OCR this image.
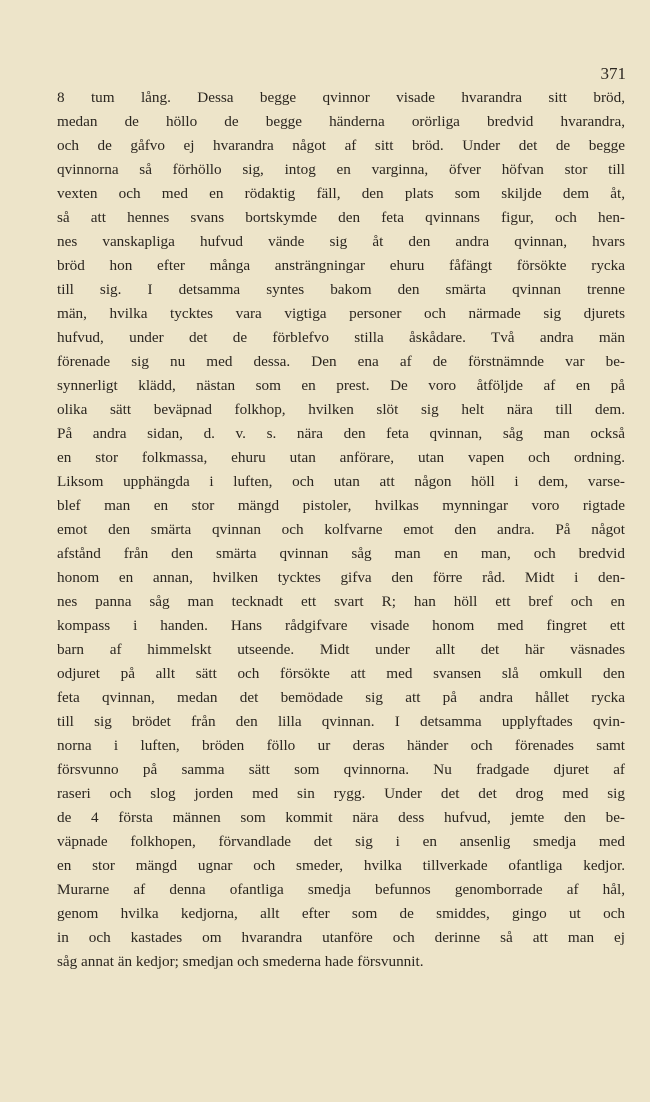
371
8 tum lång. Dessa begge qvinnor visade hvarandra sitt bröd,
medan de höllo de begge händerna orörliga bredvid hvarandra,
och de gåfvo ej hvarandra något af sitt bröd. Under det de begge
qvinnorna så förhöllo sig, intog en varginna, öfver höfvan stor till
vexten och med en rödaktig fäll, den plats som skiljde dem åt,
så att hennes svans bortskymde den feta qvinnans figur, och hen-
nes vanskapliga hufvud vände sig åt den andra qvinnan, hvars
bröd hon efter många ansträngningar ehuru fåfängt försökte rycka
till sig. I detsamma syntes bakom den smärta qvinnan trenne
män, hvilka tycktes vara vigtiga personer och närmade sig djurets
hufvud, under det de förblefvo stilla åskådare. Två andra män
förenade sig nu med dessa. Den ena af de förstnämnde var be-
synnerligt klädd, nästan som en prest. De voro åtföljde af en på
olika sätt beväpnad folkhop, hvilken slöt sig helt nära till dem.
På andra sidan, d. v. s. nära den feta qvinnan, såg man också
en stor folkmassa, ehuru utan anförare, utan vapen och ordning.
Liksom upphängda i luften, och utan att någon höll i dem, varse-
blef man en stor mängd pistoler, hvilkas mynningar voro rigtade
emot den smärta qvinnan och kolfvarne emot den andra. På något
afstånd från den smärta qvinnan såg man en man, och bredvid
honom en annan, hvilken tycktes gifva den förre råd. Midt i den-
nes panna såg man tecknadt ett svart R; han höll ett bref och en
kompass i handen. Hans rådgifvare visade honom med fingret ett
barn af himmelskt utseende. Midt under allt det här väsnades
odjuret på allt sätt och försökte att med svansen slå omkull den
feta qvinnan, medan det bemödade sig att på andra hållet rycka
till sig brödet från den lilla qvinnan. I detsamma upplyftades qvin-
norna i luften, bröden föllo ur deras händer och förenades samt
försvunno på samma sätt som qvinnorna. Nu fradgade djuret af
raseri och slog jorden med sin rygg. Under det det drog med sig
de 4 första männen som kommit nära dess hufvud, jemte den be-
väpnade folkhopen, förvandlade det sig i en ansenlig smedja med
en stor mängd ugnar och smeder, hvilka tillverkade ofantliga kedjor.
Murarne af denna ofantliga smedja befunnos genomborrade af hål,
genom hvilka kedjorna, allt efter som de smiddes, gingo ut och
in och kastades om hvarandra utanföre och derinne så att man ej
såg annat än kedjor; smedjan och smederna hade försvunnit.
